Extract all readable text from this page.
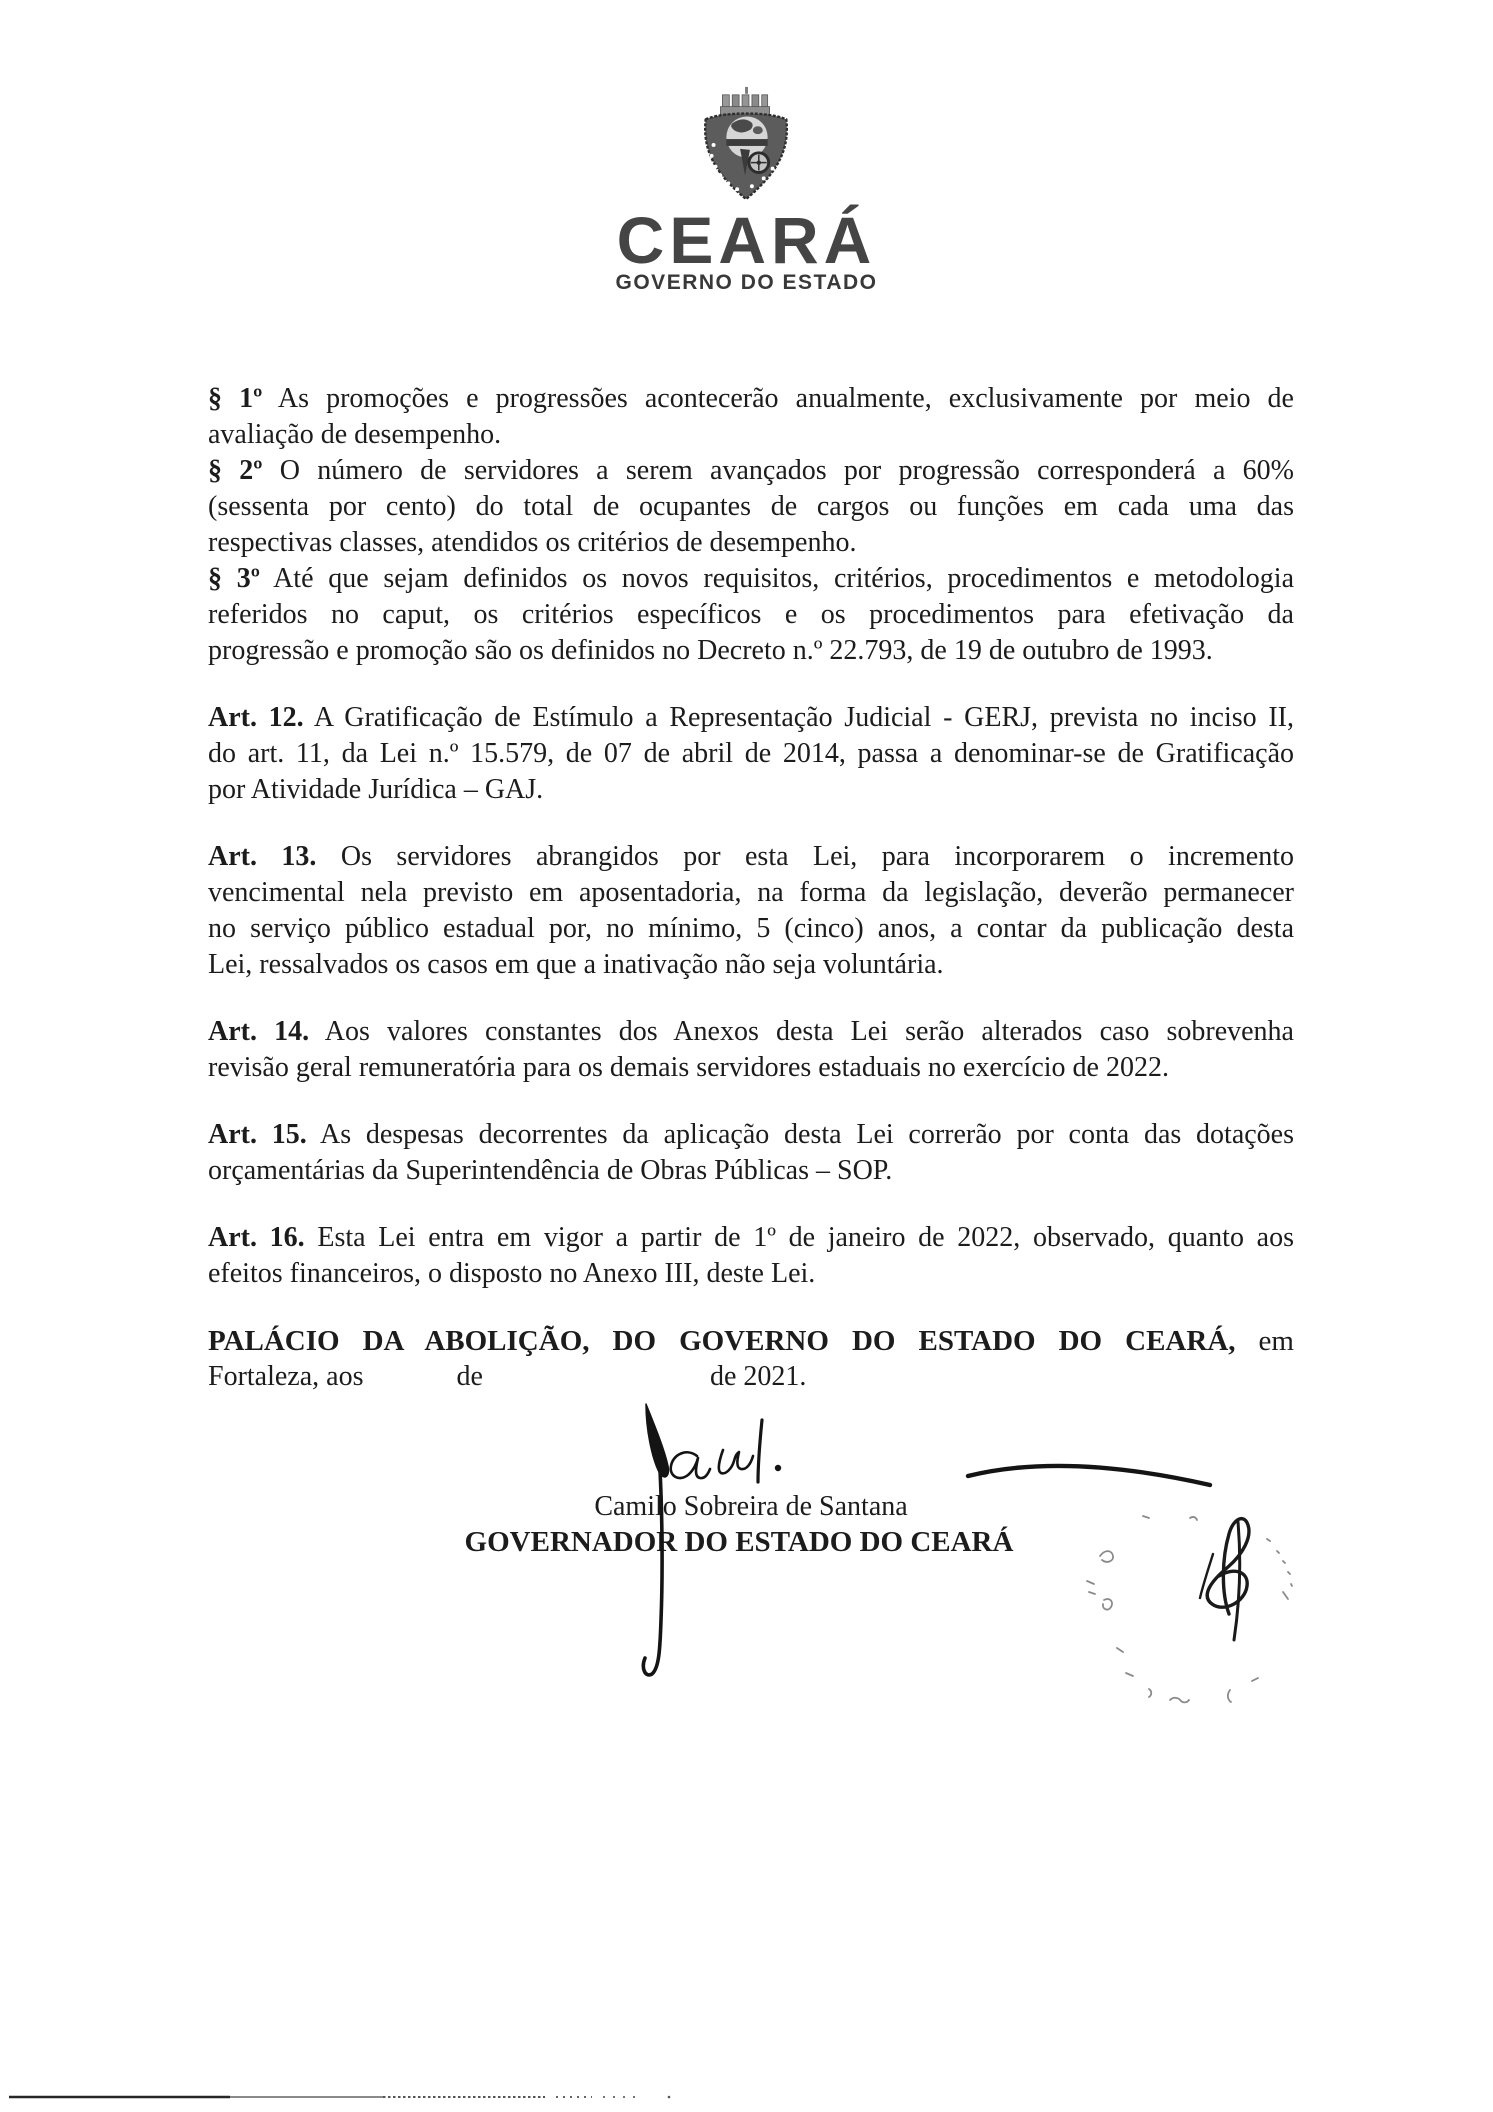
CEARÁ
GOVERNO DO ESTADO
§ 1º As promoções e progressões acontecerão anualmente, exclusivamente por meio de
avaliação de desempenho.
§ 2º O número de servidores a serem avançados por progressão corresponderá a 60%
(sessenta por cento) do total de ocupantes de cargos ou funções em cada uma das
respectivas classes, atendidos os critérios de desempenho.
§ 3º Até que sejam definidos os novos requisitos, critérios, procedimentos e metodologia
referidos no caput, os critérios específicos e os procedimentos para efetivação da
progressão e promoção são os definidos no Decreto n.º 22.793, de 19 de outubro de 1993.
Art. 12. A Gratificação de Estímulo a Representação Judicial - GERJ, prevista no inciso II,
do art. 11, da Lei n.º 15.579, de 07 de abril de 2014, passa a denominar-se de Gratificação
por Atividade Jurídica – GAJ.
Art. 13. Os servidores abrangidos por esta Lei, para incorporarem o incremento
vencimental nela previsto em aposentadoria, na forma da legislação, deverão permanecer
no serviço público estadual por, no mínimo, 5 (cinco) anos, a contar da publicação desta
Lei, ressalvados os casos em que a inativação não seja voluntária.
Art. 14. Aos valores constantes dos Anexos desta Lei serão alterados caso sobrevenha
revisão geral remuneratória para os demais servidores estaduais no exercício de 2022.
Art. 15. As despesas decorrentes da aplicação desta Lei correrão por conta das dotações
orçamentárias da Superintendência de Obras Públicas – SOP.
Art. 16. Esta Lei entra em vigor a partir de 1º de janeiro de 2022, observado, quanto aos
efeitos financeiros, o disposto no Anexo III, deste Lei.
PALÁCIO DA ABOLIÇÃO, DO GOVERNO DO ESTADO DO CEARÁ, em
Fortaleza, aos	de	de 2021.
Camilo Sobreira de Santana
GOVERNADOR DO ESTADO DO CEARÁ
